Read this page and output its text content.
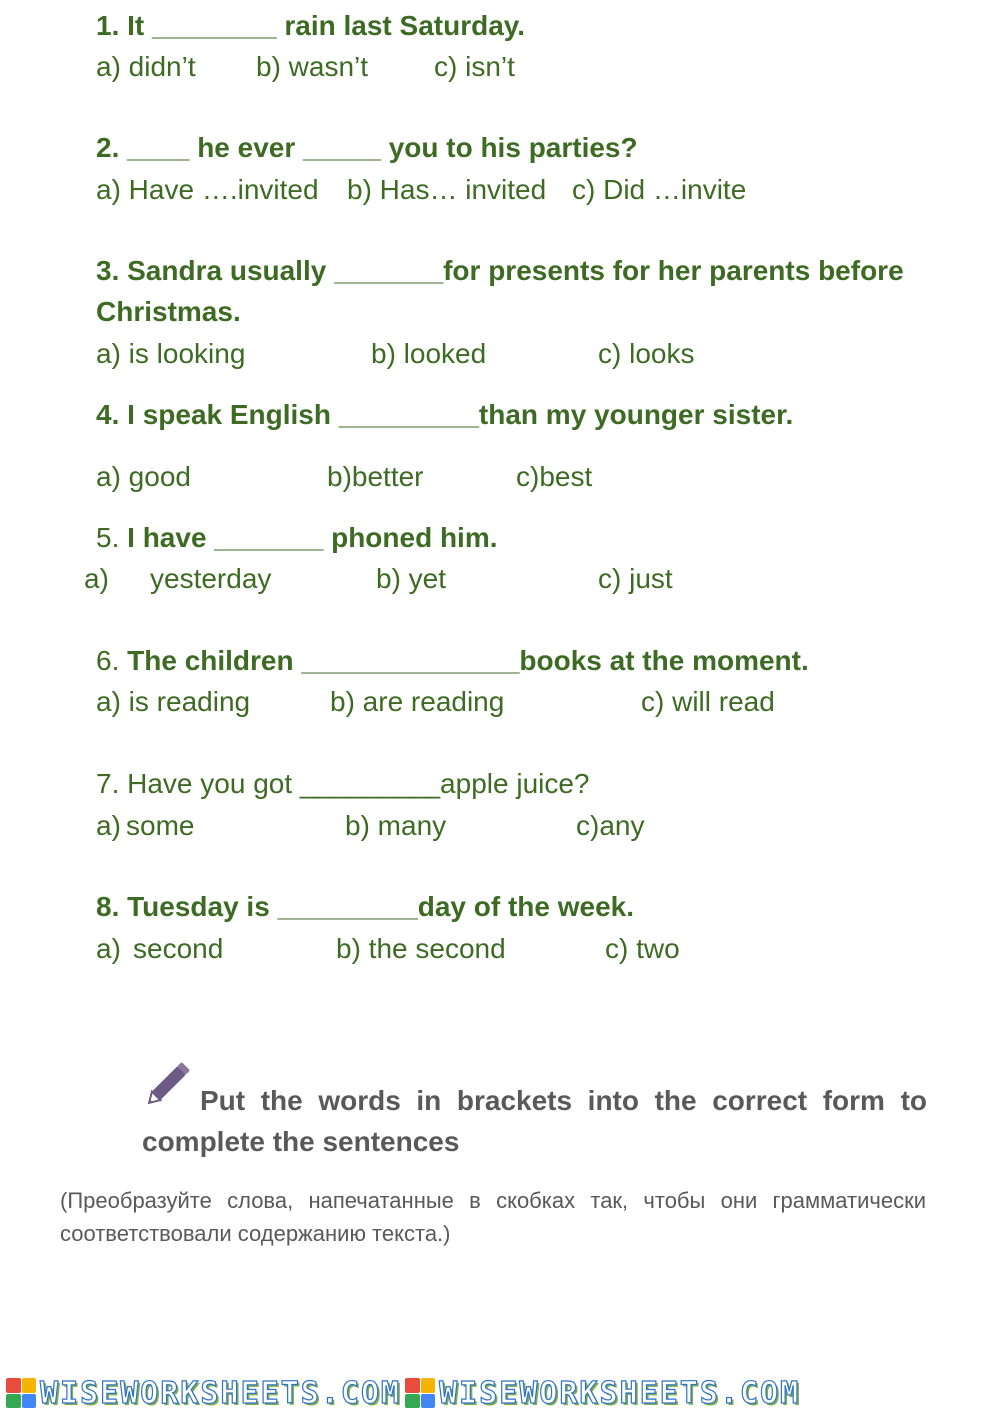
1. It ________ rain last Saturday.
a) didn’t b) wasn’t c) isn’t
2. ____ he ever _____ you to his parties?
a) Have ….invited b) Has… invited c) Did …invite
3. Sandra usually _______for presents for her parents before
Christmas.
a) is looking	b) looked	c) looks
4. I speak English _________than my younger sister.
a) good	b)better	c)best
5. I have _______ phoned him.
a) yesterday	b) yet	c) just
6. The children ______________books at the moment.
a) is reading	b) are reading	c) will read
7. Have you got _________apple juice?
a) some	b) many	c)any
8. Tuesday is _________day of the week.
a) second	b) the second	c) two
Put the words in brackets into the correct form to complete the sentences
(Преобразуйте слова, напечатанные в скобках так, чтобы они грамматически соответствовали содержанию текста.)
WISEWORKSHEETS.COM WISEWORKSHEETS.COM
